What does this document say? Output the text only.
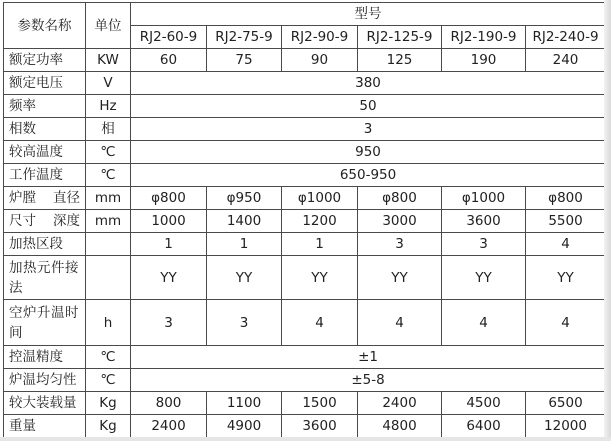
参数名称	单位	型号					
		RJ2-60-9	RJ2-75-9	RJ2-90-9	RJ2-125-9	RJ2-190-9	RJ2-240-9
额定功率	KW	60	75	90	125	190	240
额定电压	V	380					
频率	Hz	50					
相数	相	3					
较高温度	℃	950					
工作温度	℃	650-950					

炉膛 直径	mm	φ800	φ950	φ1000	φ800	φ1000	φ800

尺寸 深度	mm	1000	1400	1200	3000	3600	5500
加热区段		1	1	1	3	3	4
加热元件接法		YY	YY	YY	YY	YY	YY
空炉升温时间	h	3	3	4	4	4	4
控温精度	℃	±1					
炉温均匀性	℃	±5-8					
较大装载量	Kg	800	1100	1500	2400	4500	6500
重量	Kg	2400	4900	3600	4800	6400	12000
